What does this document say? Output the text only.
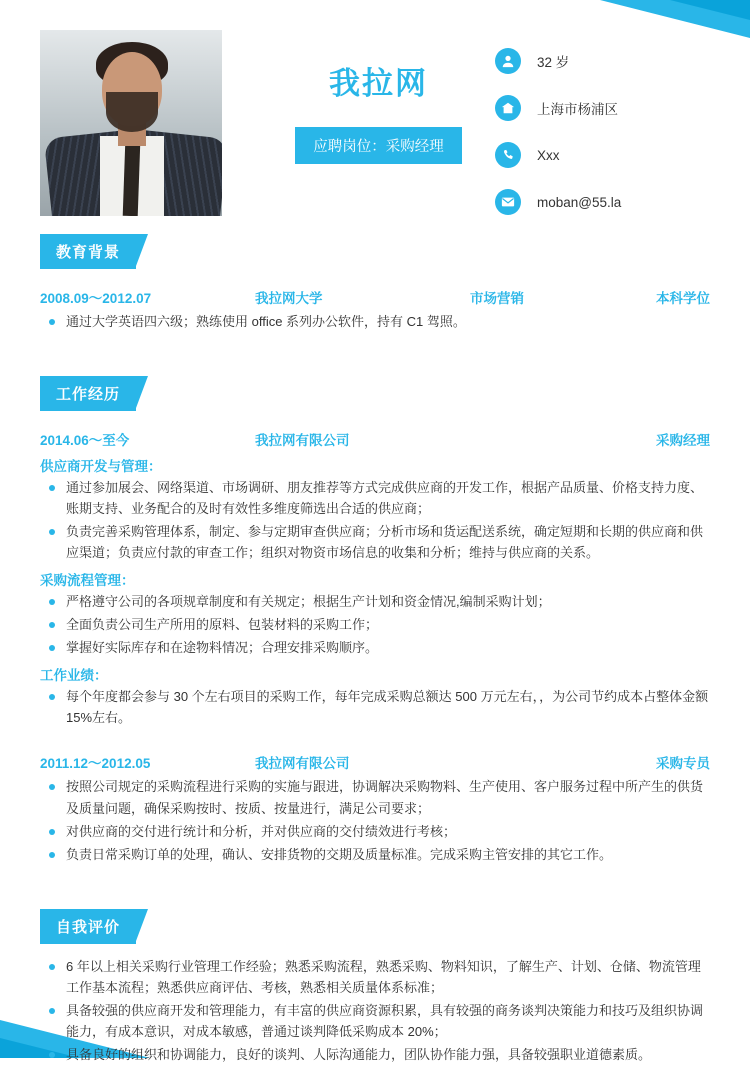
我拉网
应聘岗位：采购经理
32 岁
上海市杨浦区
Xxx
moban@55.la
教育背景
2008.09～2012.07	我拉网大学	市场营销	本科学位
通过大学英语四六级；熟练使用 office 系列办公软件，持有 C1 驾照。
工作经历
2014.06～至今	我拉网有限公司	采购经理
供应商开发与管理：
通过参加展会、网络渠道、市场调研、朋友推荐等方式完成供应商的开发工作，根据产品质量、价格支持力度、账期支持、业务配合的及时有效性多维度筛选出合适的供应商；
负责完善采购管理体系，制定、参与定期审查供应商；分析市场和货运配送系统，确定短期和长期的供应商和供应渠道；负责应付款的审查工作；组织对物资市场信息的收集和分析；维持与供应商的关系。
采购流程管理：
严格遵守公司的各项规章制度和有关规定；根据生产计划和资金情况,编制采购计划；
全面负责公司生产所用的原料、包装材料的采购工作；
掌握好实际库存和在途物料情况；合理安排采购顺序。
工作业绩：
每个年度都会参与 30 个左右项目的采购工作，每年完成采购总额达 500 万元左右，，为公司节约成本占整体金额 15%左右。
2011.12～2012.05	我拉网有限公司	采购专员
按照公司规定的采购流程进行采购的实施与跟进，协调解决采购物料、生产使用、客户服务过程中所产生的供货及质量问题，确保采购按时、按质、按量进行，满足公司要求；
对供应商的交付进行统计和分析，并对供应商的交付绩效进行考核；
负责日常采购订单的处理，确认、安排货物的交期及质量标准。完成采购主管安排的其它工作。
自我评价
6 年以上相关采购行业管理工作经验；熟悉采购流程，熟悉采购、物料知识，了解生产、计划、仓储、物流管理工作基本流程；熟悉供应商评估、考核，熟悉相关质量体系标准；
具备较强的供应商开发和管理能力，有丰富的供应商资源积累，具有较强的商务谈判决策能力和技巧及组织协调能力，有成本意识，对成本敏感，普通过谈判降低采购成本 20%；
具备良好的组织和协调能力，良好的谈判、人际沟通能力，团队协作能力强，具备较强职业道德素质。
